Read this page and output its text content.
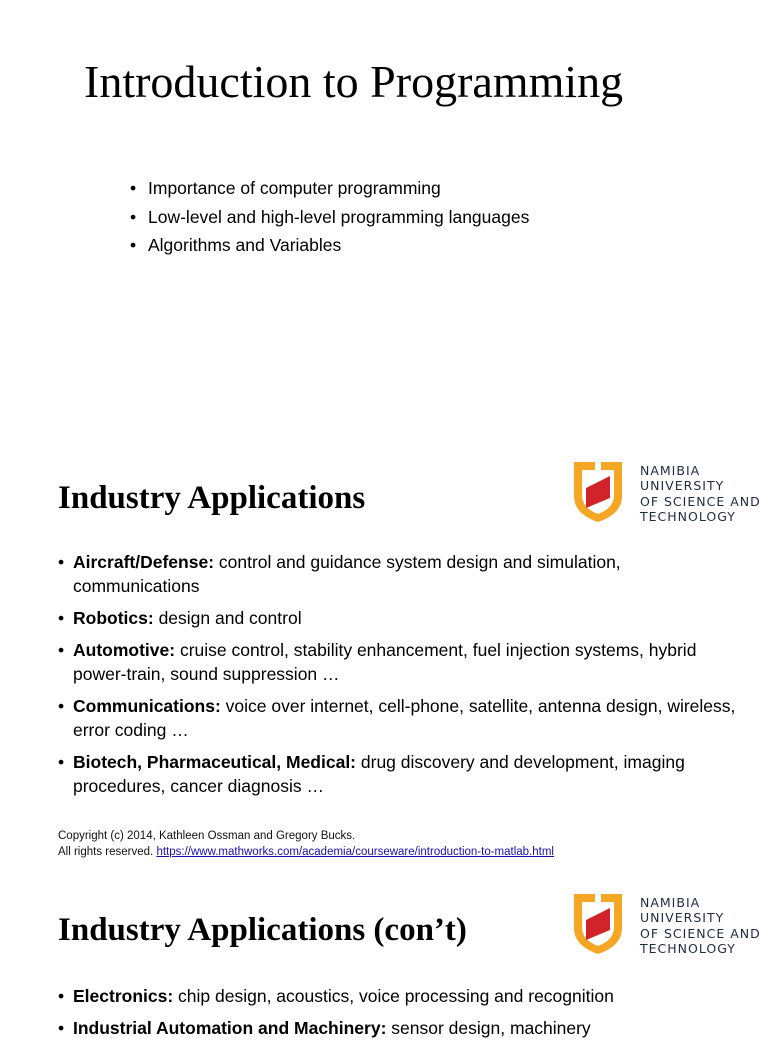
Introduction to Programming
• Importance of computer programming
• Low-level and high-level programming languages
• Algorithms and Variables
Industry Applications
NAMIBIA
UNIVERSITY
OF SCIENCE AND
TECHNOLOGY
• Aircraft/Defense: control and guidance system design and simulation, communications
• Robotics: design and control
• Automotive: cruise control, stability enhancement, fuel injection systems, hybrid power-train, sound suppression …
• Communications: voice over internet, cell-phone, satellite, antenna design, wireless, error coding …
• Biotech, Pharmaceutical, Medical: drug discovery and development, imaging procedures, cancer diagnosis …
Copyright (c) 2014, Kathleen Ossman and Gregory Bucks.
All rights reserved. https://www.mathworks.com/academia/courseware/introduction-to-matlab.html
Industry Applications (con’t)
NAMIBIA
UNIVERSITY
OF SCIENCE AND
TECHNOLOGY
• Electronics: chip design, acoustics, voice processing and recognition
• Industrial Automation and Machinery: sensor design, machinery
